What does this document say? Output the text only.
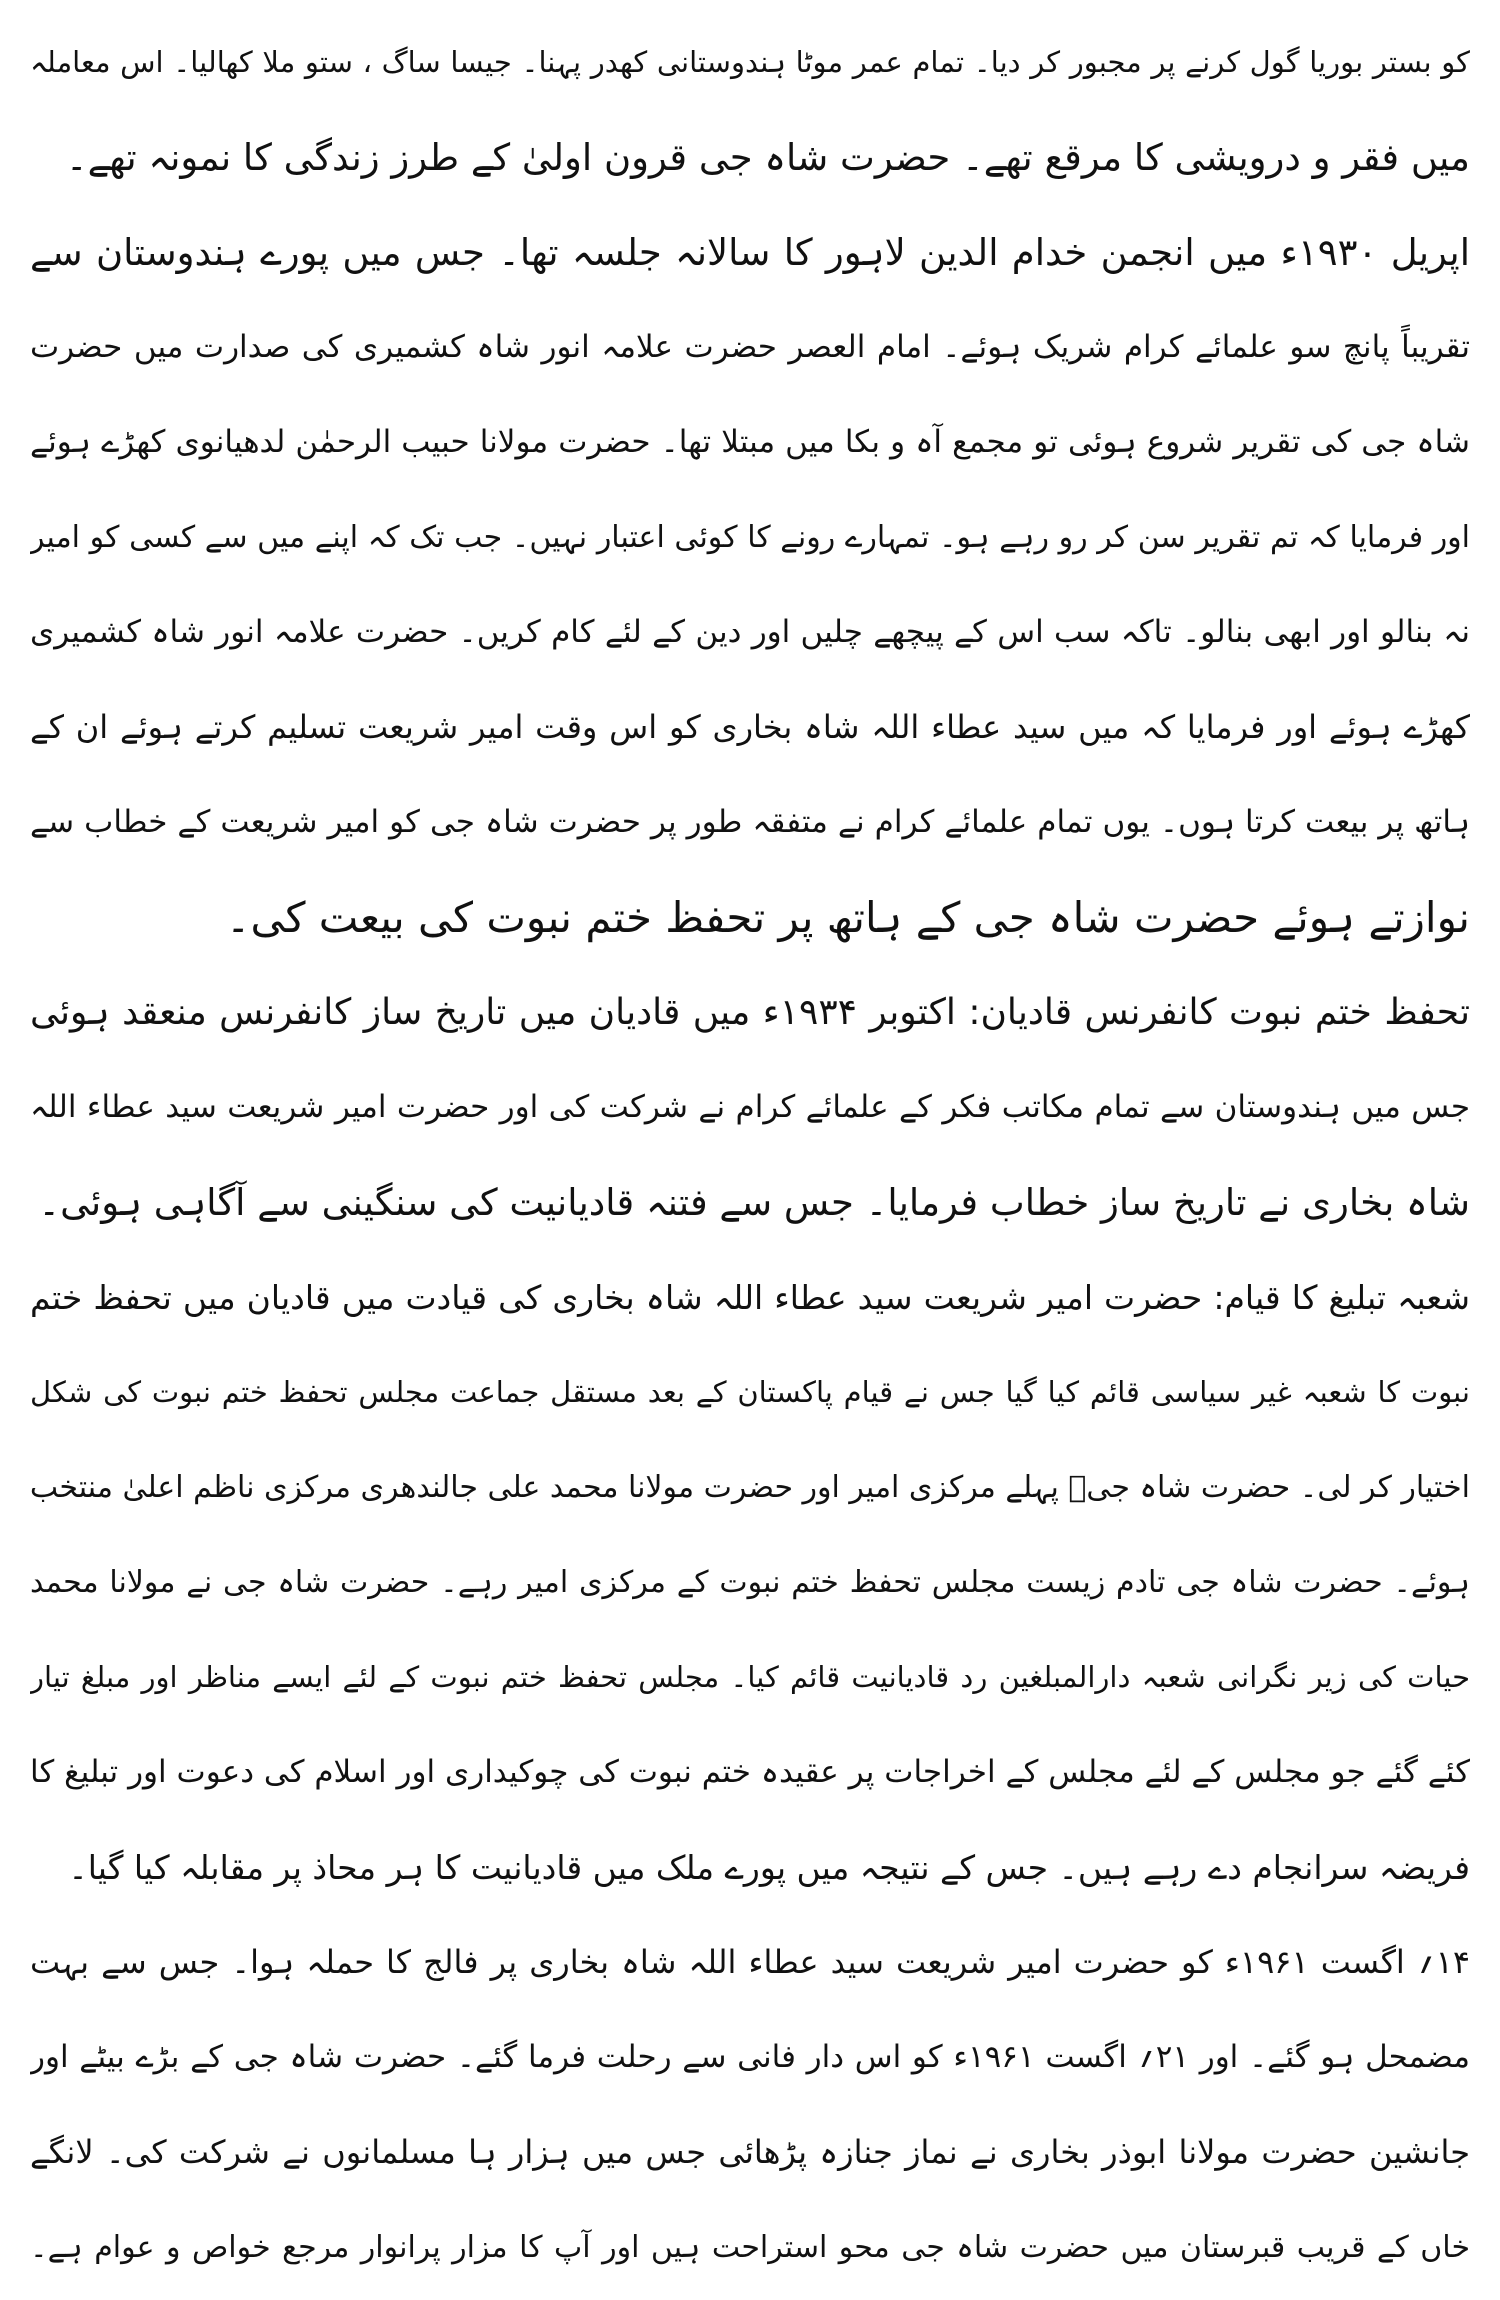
کو بستر بوریا گول کرنے پر مجبور کر دیا۔ تمام عمر موٹا ہندوستانی کھدر پہنا۔ جیسا ساگ ، ستو ملا کھالیا۔ اس معاملہ
میں فقر و درویشی کا مرقع تھے۔ حضرت شاہ جی قرون اولیٰ کے طرز زندگی کا نمونہ تھے۔
اپریل ۱۹۳۰ء میں انجمن خدام الدین لاہور کا سالانہ جلسہ تھا۔ جس میں پورے ہندوستان سے
تقریباً پانچ سو علمائے کرام شریک ہوئے۔ امام العصر حضرت علامہ انور شاہ کشمیری کی صدارت میں حضرت
شاہ جی کی تقریر شروع ہوئی تو مجمع آہ و بکا میں مبتلا تھا۔ حضرت مولانا حبیب الرحمٰن لدھیانوی کھڑے ہوئے
اور فرمایا کہ تم تقریر سن کر رو رہے ہو۔ تمہارے رونے کا کوئی اعتبار نہیں۔ جب تک کہ اپنے میں سے کسی کو امیر
نہ بنالو اور ابھی بنالو۔ تاکہ سب اس کے پیچھے چلیں اور دین کے لئے کام کریں۔ حضرت علامہ انور شاہ کشمیری
کھڑے ہوئے اور فرمایا کہ میں سید عطاء اللہ شاہ بخاری کو اس وقت امیر شریعت تسلیم کرتے ہوئے ان کے
ہاتھ پر بیعت کرتا ہوں۔ یوں تمام علمائے کرام نے متفقہ طور پر حضرت شاہ جی کو امیر شریعت کے خطاب سے
نوازتے ہوئے حضرت شاہ جی کے ہاتھ پر تحفظ ختم نبوت کی بیعت کی۔
تحفظ ختم نبوت کانفرنس قادیان: اکتوبر ۱۹۳۴ء میں قادیان میں تاریخ ساز کانفرنس منعقد ہوئی
جس میں ہندوستان سے تمام مکاتب فکر کے علمائے کرام نے شرکت کی اور حضرت امیر شریعت سید عطاء اللہ
شاہ بخاری نے تاریخ ساز خطاب فرمایا۔ جس سے فتنہ قادیانیت کی سنگینی سے آگاہی ہوئی۔
شعبہ تبلیغ کا قیام: حضرت امیر شریعت سید عطاء اللہ شاہ بخاری کی قیادت میں قادیان میں تحفظ ختم
نبوت کا شعبہ غیر سیاسی قائم کیا گیا جس نے قیام پاکستان کے بعد مستقل جماعت مجلس تحفظ ختم نبوت کی شکل
اختیار کر لی۔ حضرت شاہ جیؒ پہلے مرکزی امیر اور حضرت مولانا محمد علی جالندھری مرکزی ناظم اعلیٰ منتخب
ہوئے۔ حضرت شاہ جی تادم زیست مجلس تحفظ ختم نبوت کے مرکزی امیر رہے۔ حضرت شاہ جی نے مولانا محمد
حیات کی زیر نگرانی شعبہ دارالمبلغین رد قادیانیت قائم کیا۔ مجلس تحفظ ختم نبوت کے لئے ایسے مناظر اور مبلغ تیار
کئے گئے جو مجلس کے لئے مجلس کے اخراجات پر عقیدہ ختم نبوت کی چوکیداری اور اسلام کی دعوت اور تبلیغ کا
فریضہ سرانجام دے رہے ہیں۔ جس کے نتیجہ میں پورے ملک میں قادیانیت کا ہر محاذ پر مقابلہ کیا گیا۔
۱۴؍ اگست ۱۹۶۱ء کو حضرت امیر شریعت سید عطاء اللہ شاہ بخاری پر فالج کا حملہ ہوا۔ جس سے بہت
مضمحل ہو گئے۔ اور ۲۱؍ اگست ۱۹۶۱ء کو اس دار فانی سے رحلت فرما گئے۔ حضرت شاہ جی کے بڑے بیٹے اور
جانشین حضرت مولانا ابوذر بخاری نے نماز جنازہ پڑھائی جس میں ہزار ہا مسلمانوں نے شرکت کی۔ لانگے
خاں کے قریب قبرستان میں حضرت شاہ جی محو استراحت ہیں اور آپ کا مزار پرانوار مرجع خواص و عوام ہے۔
